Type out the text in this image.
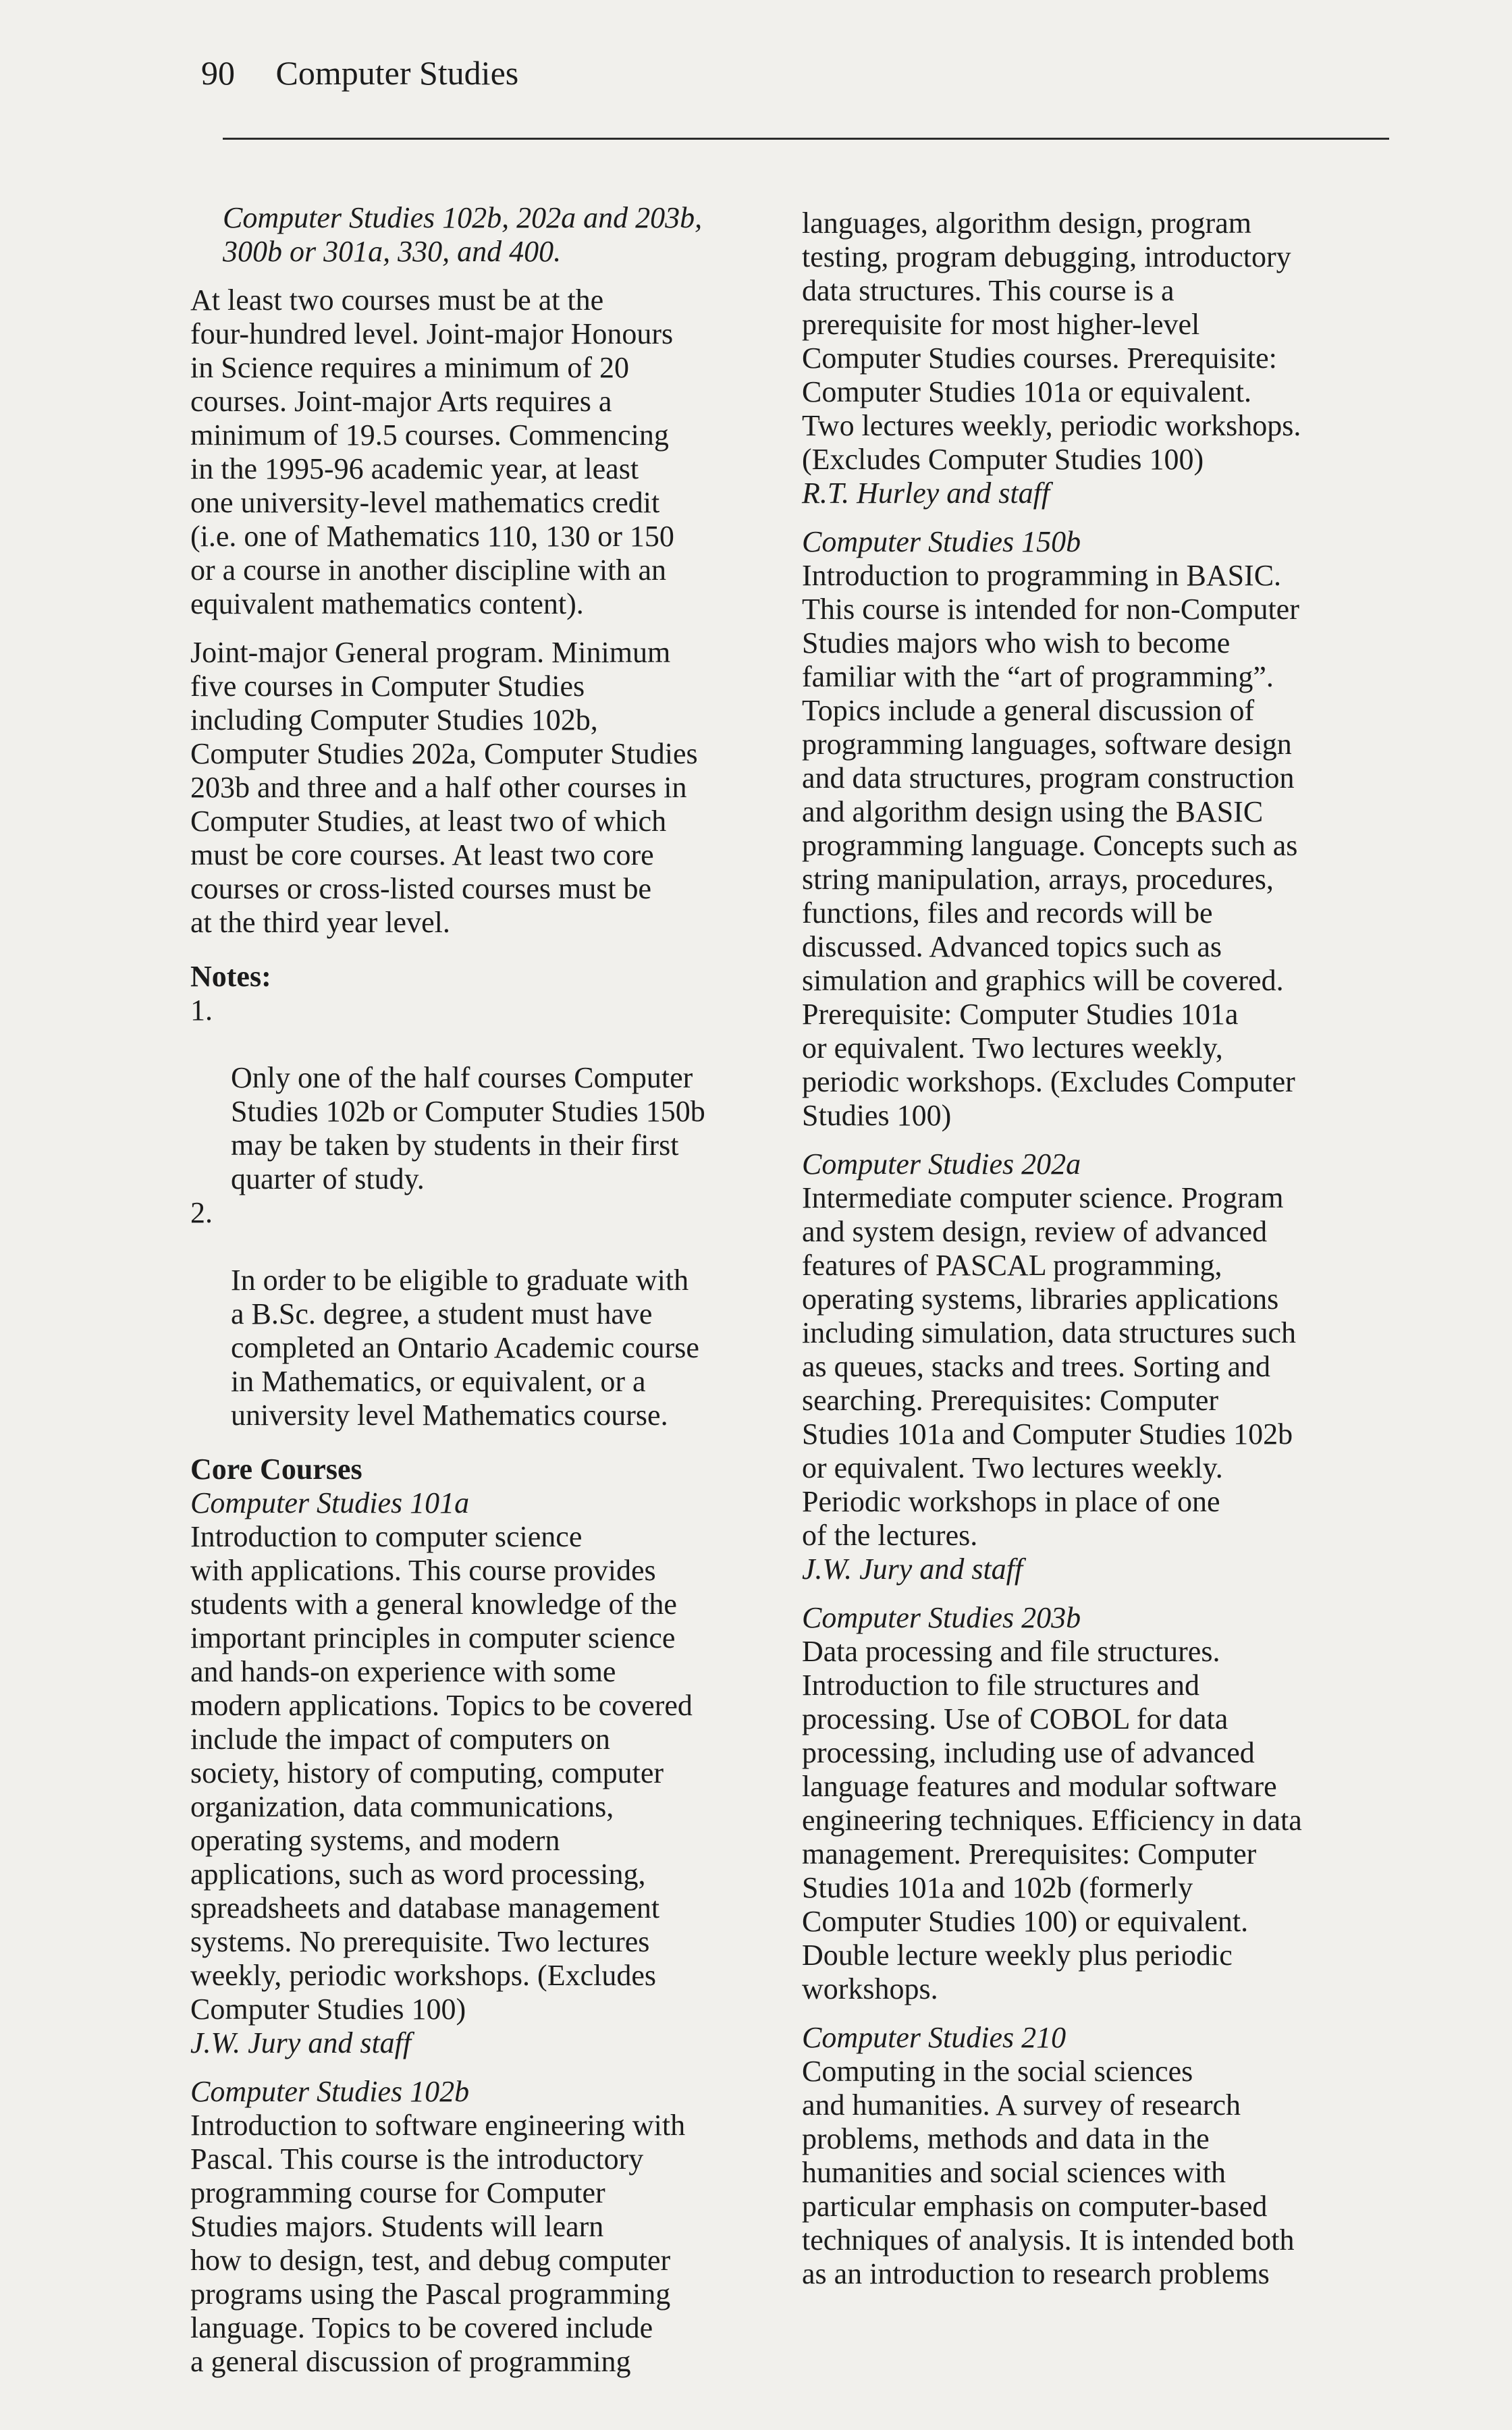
90 Computer Studies

Computer Studies 102b, 202a and 203b,
300b or 301a, 330, and 400.

At least two courses must be at the
four-hundred level. Joint-major Honours
in Science requires a minimum of 20
courses. Joint-major Arts requires a
minimum of 19.5 courses. Commencing
in the 1995-96 academic year, at least
one university-level mathematics credit
(i.e. one of Mathematics 110, 130 or 150
or a course in another discipline with an
equivalent mathematics content).

Joint-major General program. Minimum
five courses in Computer Studies
including Computer Studies 102b,
Computer Studies 202a, Computer Studies
203b and three and a half other courses in
Computer Studies, at least two of which
must be core courses. At least two core
courses or cross-listed courses must be
at the third year level.

Notes:

1.

Only one of the half courses Computer
Studies 102b or Computer Studies 150b
may be taken by students in their first
quarter of study.

2.

In order to be eligible to graduate with
a B.Sc. degree, a student must have
completed an Ontario Academic course
in Mathematics, or equivalent, or a
university level Mathematics course.

Core Courses

Computer Studies 101a

Introduction to computer science
with applications. This course provides
students with a general knowledge of the
important principles in computer science
and hands-on experience with some
modern applications. Topics to be covered
include the impact of computers on
society, history of computing, computer
organization, data communications,
operating systems, and modern
applications, such as word processing,
spreadsheets and database management
systems. No prerequisite. Two lectures
weekly, periodic workshops. (Excludes
Computer Studies 100)

J.W. Jury and staff

Computer Studies 102b

Introduction to software engineering with
Pascal. This course is the introductory
programming course for Computer
Studies majors. Students will learn
how to design, test, and debug computer
programs using the Pascal programming
language. Topics to be covered include
a general discussion of programming

languages, algorithm design, program
testing, program debugging, introductory
data structures. This course is a
prerequisite for most higher-level
Computer Studies courses. Prerequisite:
Computer Studies 101a or equivalent.
Two lectures weekly, periodic workshops.
(Excludes Computer Studies 100)

R.T. Hurley and staff

Computer Studies 150b

Introduction to programming in BASIC.
This course is intended for non-Computer
Studies majors who wish to become
familiar with the “art of programming”.
Topics include a general discussion of
programming languages, software design
and data structures, program construction
and algorithm design using the BASIC
programming language. Concepts such as
string manipulation, arrays, procedures,
functions, files and records will be
discussed. Advanced topics such as
simulation and graphics will be covered.
Prerequisite: Computer Studies 101a
or equivalent. Two lectures weekly,
periodic workshops. (Excludes Computer
Studies 100)

Computer Studies 202a

Intermediate computer science. Program
and system design, review of advanced
features of PASCAL programming,
operating systems, libraries applications
including simulation, data structures such
as queues, stacks and trees. Sorting and
searching. Prerequisites: Computer
Studies 101a and Computer Studies 102b
or equivalent. Two lectures weekly.
Periodic workshops in place of one
of the lectures.

J.W. Jury and staff

Computer Studies 203b

Data processing and file structures.
Introduction to file structures and
processing. Use of COBOL for data
processing, including use of advanced
language features and modular software
engineering techniques. Efficiency in data
management. Prerequisites: Computer
Studies 101a and 102b (formerly
Computer Studies 100) or equivalent.
Double lecture weekly plus periodic
workshops.

Computer Studies 210

Computing in the social sciences
and humanities. A survey of research
problems, methods and data in the
humanities and social sciences with
particular emphasis on computer-based
techniques of analysis. It is intended both
as an introduction to research problems
